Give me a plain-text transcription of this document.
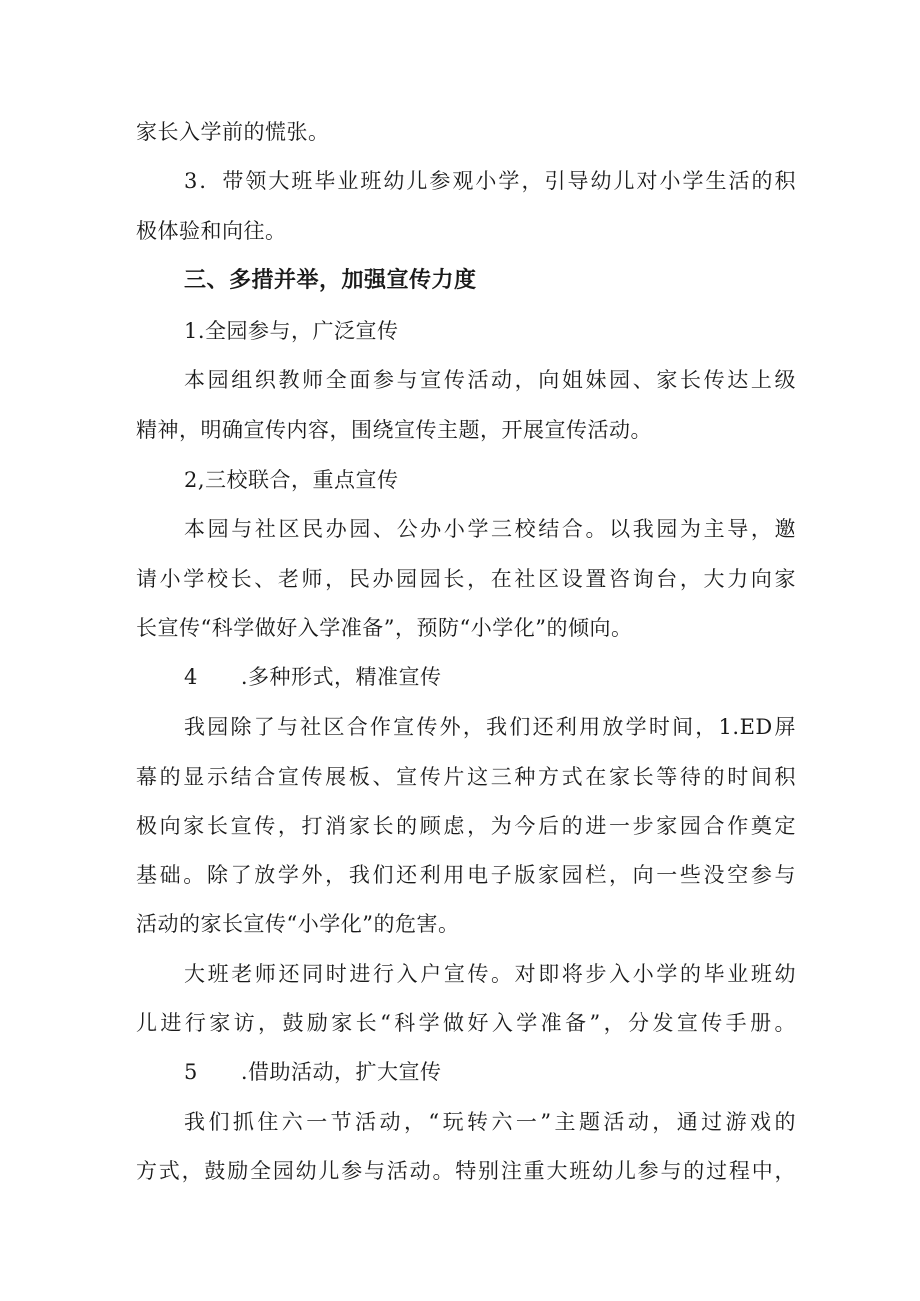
家长入学前的慌张。
3．带领大班毕业班幼儿参观小学，引导幼儿对小学生活的积
极体验和向往。
三、多措并举，加强宣传力度
1.全园参与，广泛宣传
本园组织教师全面参与宣传活动，向姐妹园、家长传达上级
精神，明确宣传内容，围绕宣传主题，开展宣传活动。
2,三校联合，重点宣传
本园与社区民办园、公办小学三校结合。以我园为主导，邀
请小学校长、老师，民办园园长，在社区设置咨询台，大力向家
长宣传“科学做好入学准备”，预防“小学化”的倾向。
4　　.多种形式，精准宣传
我园除了与社区合作宣传外，我们还利用放学时间，1.ED屏
幕的显示结合宣传展板、宣传片这三种方式在家长等待的时间积
极向家长宣传，打消家长的顾虑，为今后的进一步家园合作奠定
基础。除了放学外，我们还利用电子版家园栏，向一些没空参与
活动的家长宣传“小学化”的危害。
大班老师还同时进行入户宣传。对即将步入小学的毕业班幼
儿进行家访，鼓励家长“科学做好入学准备”，分发宣传手册。
5　　.借助活动，扩大宣传
我们抓住六一节活动，“玩转六一”主题活动，通过游戏的
方式，鼓励全园幼儿参与活动。特别注重大班幼儿参与的过程中，
